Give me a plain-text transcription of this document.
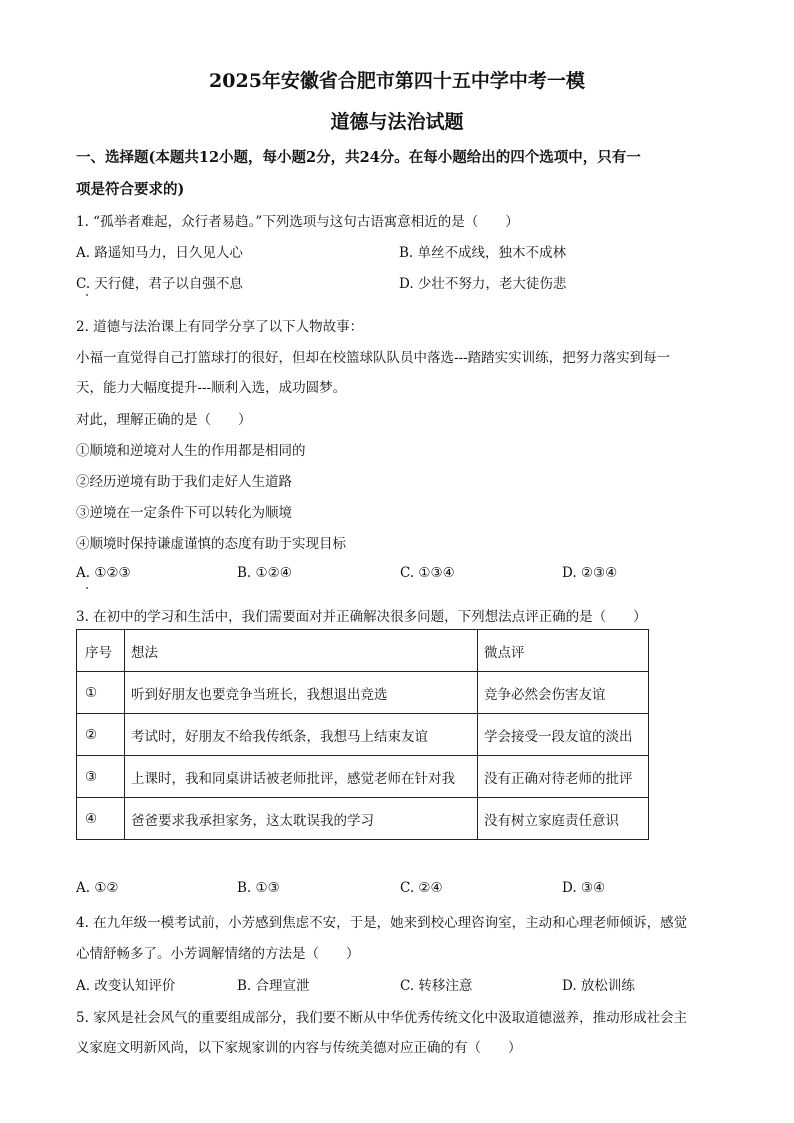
2025年安徽省合肥市第四十五中学中考一模
道德与法治试题
一、选择题(本题共12小题，每小题2分，共24分。在每小题给出的四个选项中，只有一
项是符合要求的)
1. “孤举者难起，众行者易趋。”下列选项与这句古语寓意相近的是（　　）
A. 路遥知马力，日久见人心	B. 单丝不成线，独木不成林
C. 天行健，君子以自强不息	D. 少壮不努力，老大徒伤悲
2. 道德与法治课上有同学分享了以下人物故事：
小福一直觉得自己打篮球打的很好，但却在校篮球队队员中落选---踏踏实实训练，把努力落实到每一
天，能力大幅度提升---顺利入选，成功圆梦。
对此，理解正确的是（　　）
①顺境和逆境对人生的作用都是相同的
②经历逆境有助于我们走好人生道路
③逆境在一定条件下可以转化为顺境
④顺境时保持谦虚谨慎的态度有助于实现目标
A. ①②③	B. ①②④	C. ①③④	D. ②③④
3. 在初中的学习和生活中，我们需要面对并正确解决很多问题，下列想法点评正确的是（　　）
序号	想法	微点评
①	听到好朋友也要竞争当班长，我想退出竞选	竞争必然会伤害友谊
②	考试时，好朋友不给我传纸条，我想马上结束友谊	学会接受一段友谊的淡出
③	上课时，我和同桌讲话被老师批评，感觉老师在针对我	没有正确对待老师的批评
④	爸爸要求我承担家务，这太耽误我的学习	没有树立家庭责任意识
A. ①②	B. ①③	C. ②④	D. ③④
4. 在九年级一模考试前，小芳感到焦虑不安，于是，她来到校心理咨询室，主动和心理老师倾诉，感觉
心情舒畅多了。小芳调解情绪的方法是（　　）
A. 改变认知评价	B. 合理宣泄	C. 转移注意	D. 放松训练
5. 家风是社会风气的重要组成部分，我们要不断从中华优秀传统文化中汲取道德滋养，推动形成社会主
义家庭文明新风尚，以下家规家训的内容与传统美德对应正确的有（　　）
